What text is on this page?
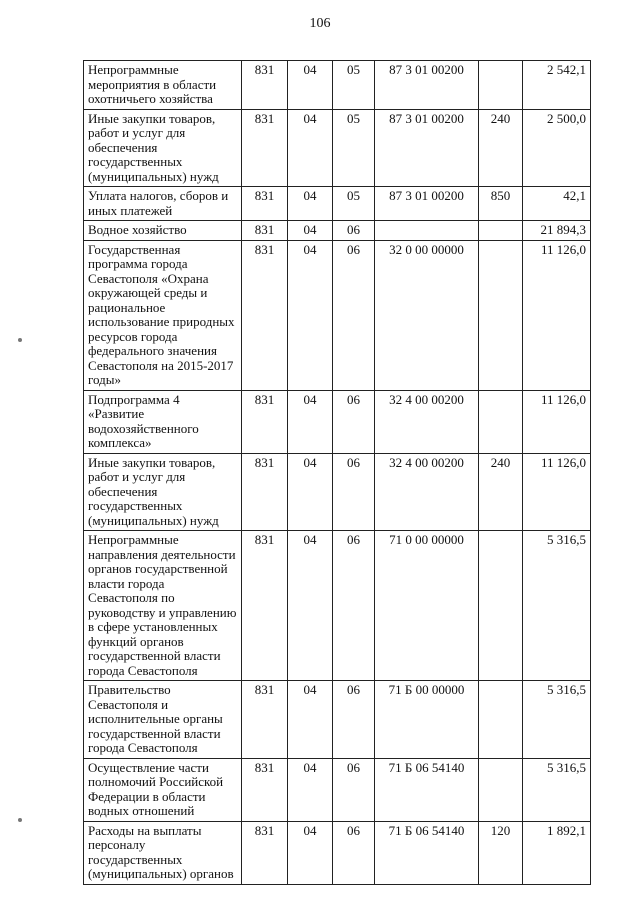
106
Непрограммные мероприятия в области охотничьего хозяйства	831	04	05	87 3 01 00200		2 542,1
Иные закупки товаров, работ и услуг для обеспечения государственных (муниципальных) нужд	831	04	05	87 3 01 00200	240	2 500,0
Уплата налогов, сборов и иных платежей	831	04	05	87 3 01 00200	850	42,1
Водное хозяйство	831	04	06			21 894,3
Государственная программа города Севастополя «Охрана окружающей среды и рациональное использование природных ресурсов города федерального значения Севастополя на 2015-2017 годы»	831	04	06	32 0 00 00000		11 126,0
Подпрограмма 4 «Развитие водохозяйственного комплекса»	831	04	06	32 4 00 00200		11 126,0
Иные закупки товаров, работ и услуг для обеспечения государственных (муниципальных) нужд	831	04	06	32 4 00 00200	240	11 126,0
Непрограммные направления деятельности органов государственной власти города Севастополя по руководству и управлению в сфере установленных функций органов государственной власти города Севастополя	831	04	06	71 0 00 00000		5 316,5
Правительство Севастополя и исполнительные органы государственной власти города Севастополя	831	04	06	71 Б 00 00000		5 316,5
Осуществление части полномочий Российской Федерации в области водных отношений	831	04	06	71 Б 06 54140		5 316,5
Расходы на выплаты персоналу государственных (муниципальных) органов	831	04	06	71 Б 06 54140	120	1 892,1
